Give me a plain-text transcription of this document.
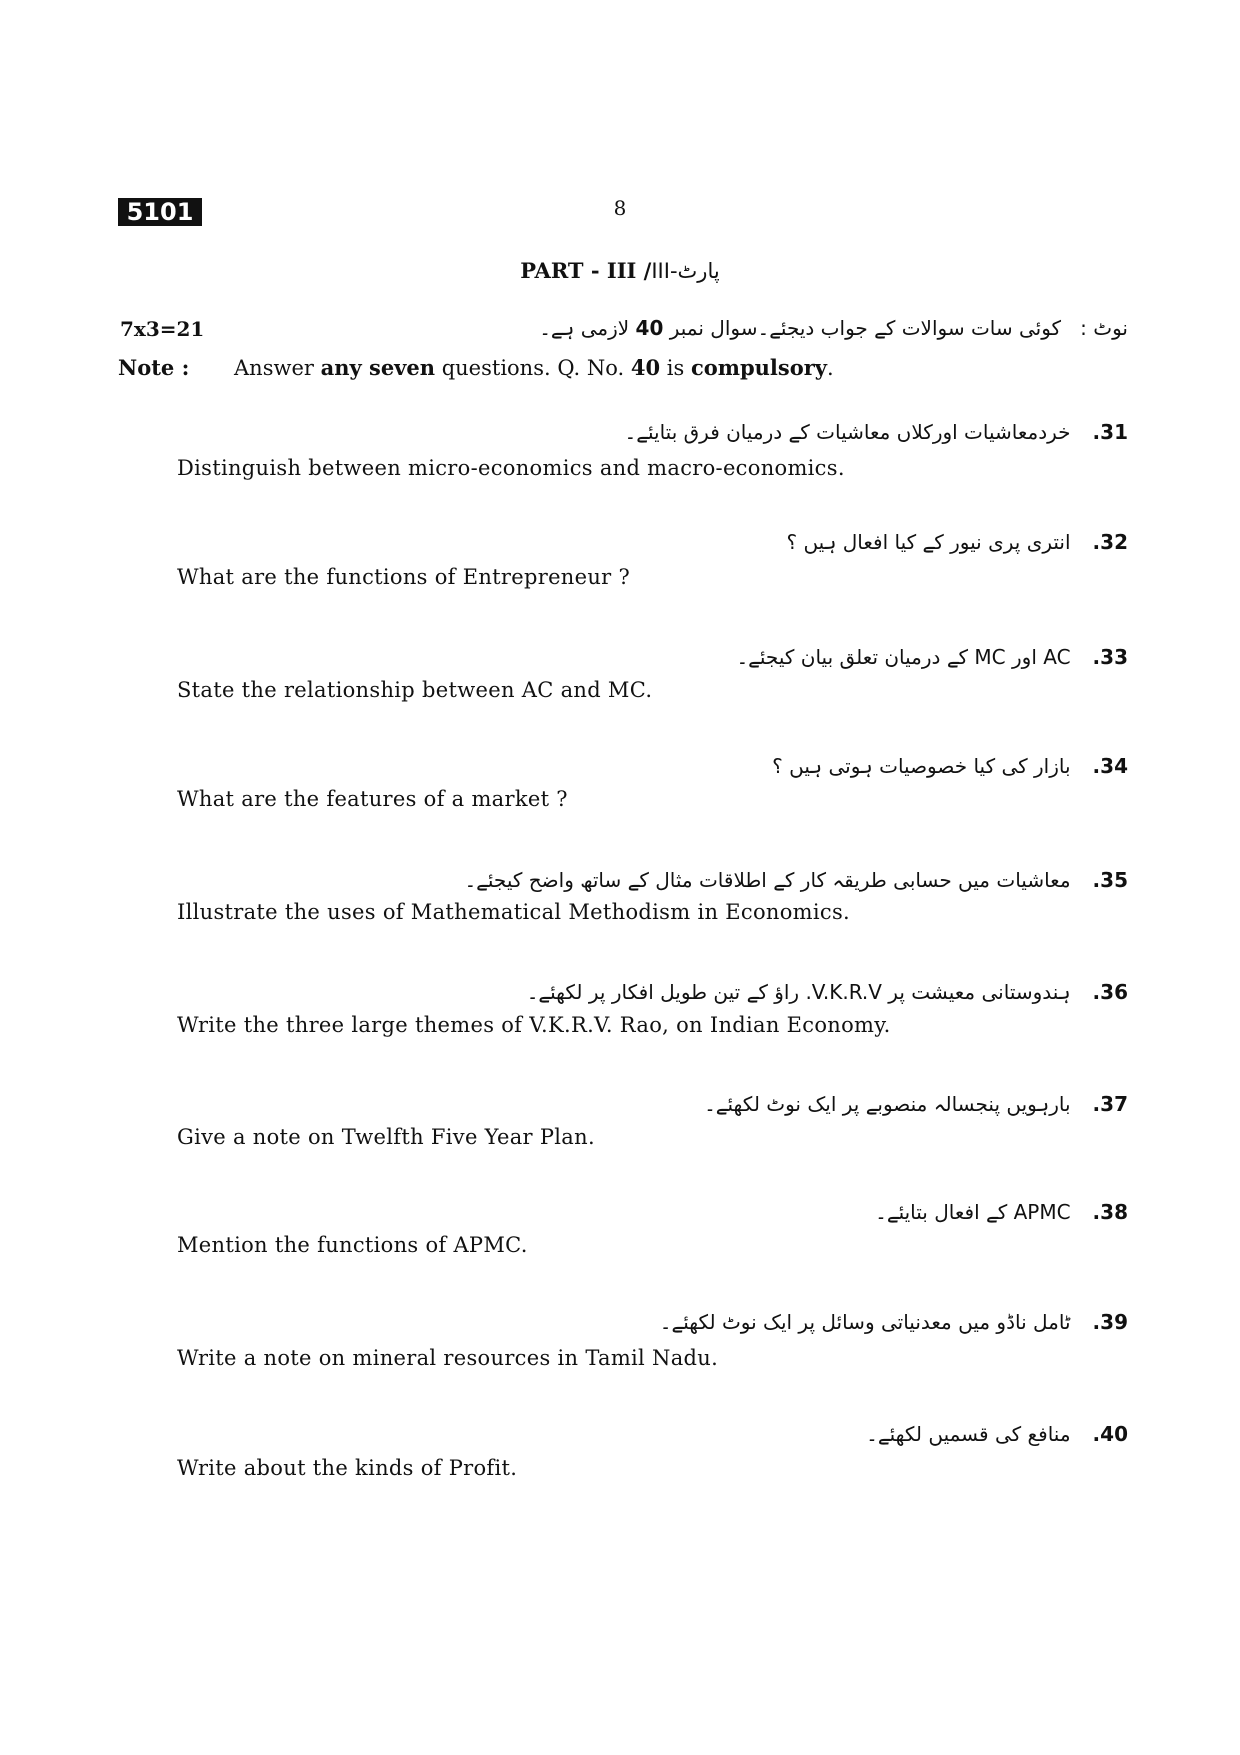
5101	8
PART - III /III-پارٹ
7x3=21	نوٹ :   کوئی سات سوالات کے جواب دیجئے۔سوال نمبر 40 لازمی ہے۔
Note : Answer any seven questions. Q. No. 40 is compulsory.
31.خردمعاشیات اورکلاں معاشیات کے درمیان فرق بتایئے۔
Distinguish between micro-economics and macro-economics.
32.انتری پری نیور کے کیا افعال ہیں ؟
What are the functions of Entrepreneur ?
33.AC اور MC کے درمیان تعلق بیان کیجئے۔
State the relationship between AC and MC.
34.بازار کی کیا خصوصیات ہوتی ہیں ؟
What are the features of a market ?
35.معاشیات میں حسابی طریقہ کار کے اطلاقات مثال کے ساتھ واضح کیجئے۔
Illustrate the uses of Mathematical Methodism in Economics.
36.ہندوستانی معیشت پر V.K.R.V. راؤ کے تین طویل افکار پر لکھئے۔
Write the three large themes of V.K.R.V. Rao, on Indian Economy.
37.بارہویں پنجسالہ منصوبے پر ایک نوٹ لکھئے۔
Give a note on Twelfth Five Year Plan.
38.APMC کے افعال بتایئے۔
Mention the functions of APMC.
39.ٹامل ناڈو میں معدنیاتی وسائل پر ایک نوٹ لکھئے۔
Write a note on mineral resources in Tamil Nadu.
40.منافع کی قسمیں لکھئے۔
Write about the kinds of Profit.
